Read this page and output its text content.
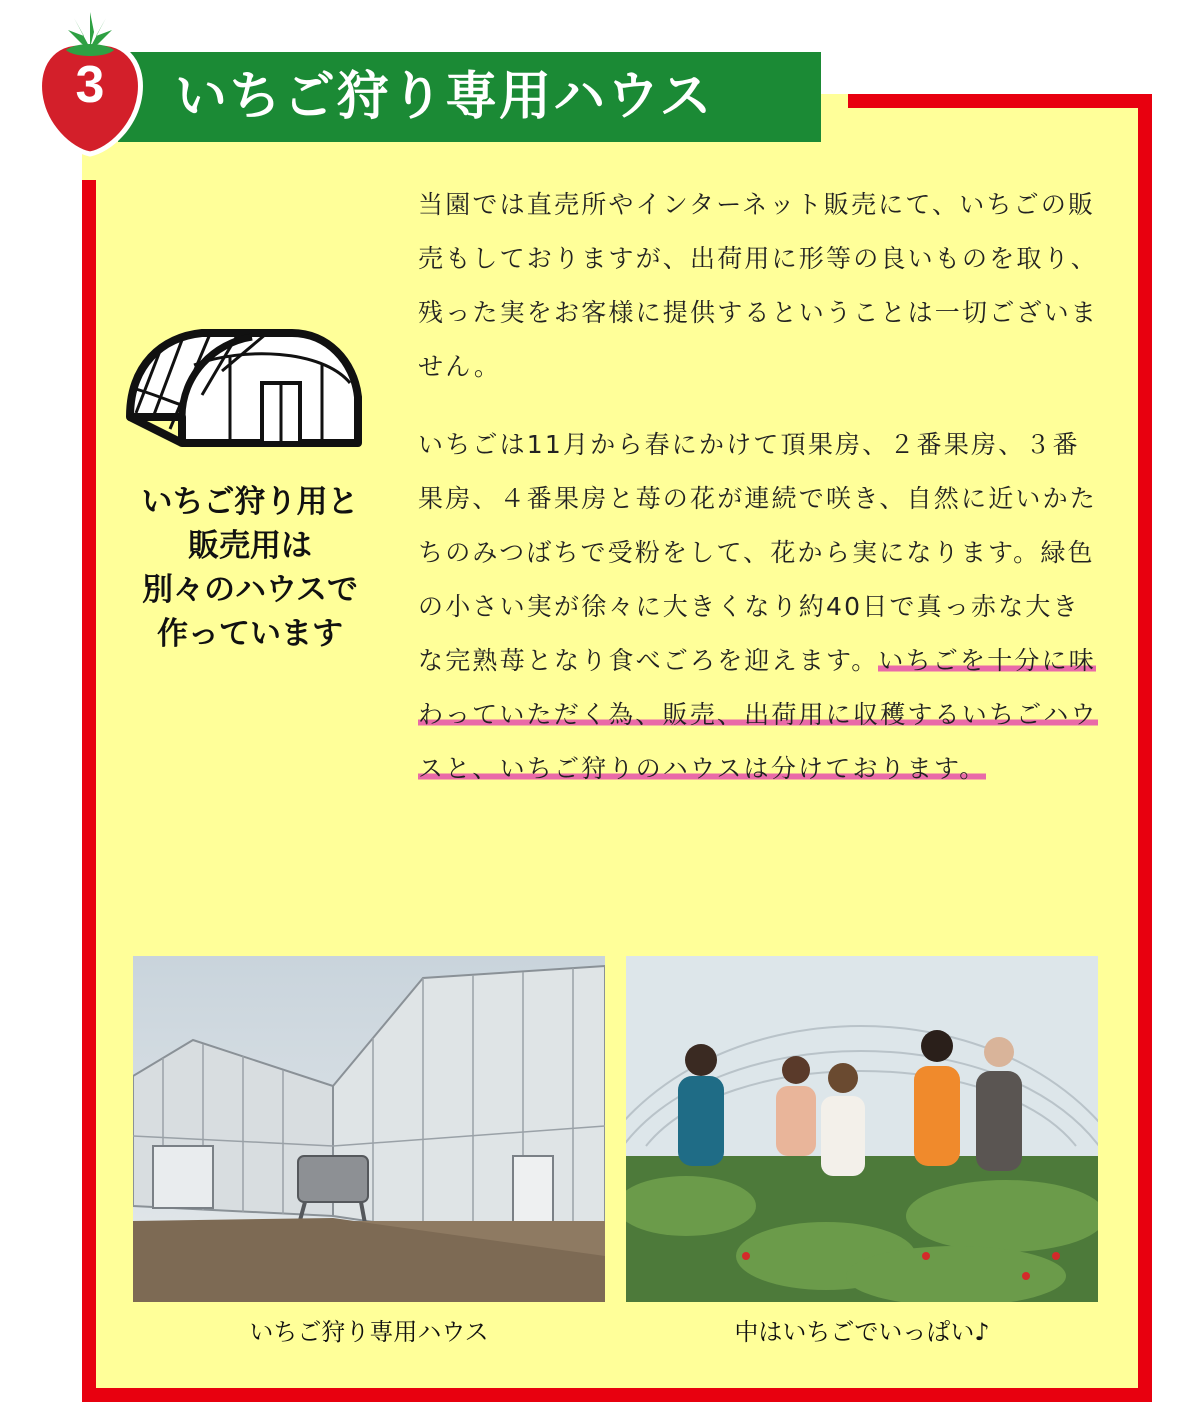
いちご狩り専用ハウス
3
いちご狩り用と
販売用は
別々のハウスで
作っています

当園では直売所やインターネット販売にて、いちごの販売もしておりますが、出荷用に形等の良いものを取り、残った実をお客様に提供するということは一切ございません。

いちごは11月から春にかけて頂果房、２番果房、３番果房、４番果房と苺の花が連続で咲き、自然に近いかたちのみつばちで受粉をして、花から実になります。緑色の小さい実が徐々に大きくなり約40日で真っ赤な大きな完熟苺となり食べごろを迎えます。いちごを十分に味わっていただく為、販売、出荷用に収穫するいちごハウスと、いちご狩りのハウスは分けております。

いちご狩り専用ハウス	中はいちごでいっぱい♪
